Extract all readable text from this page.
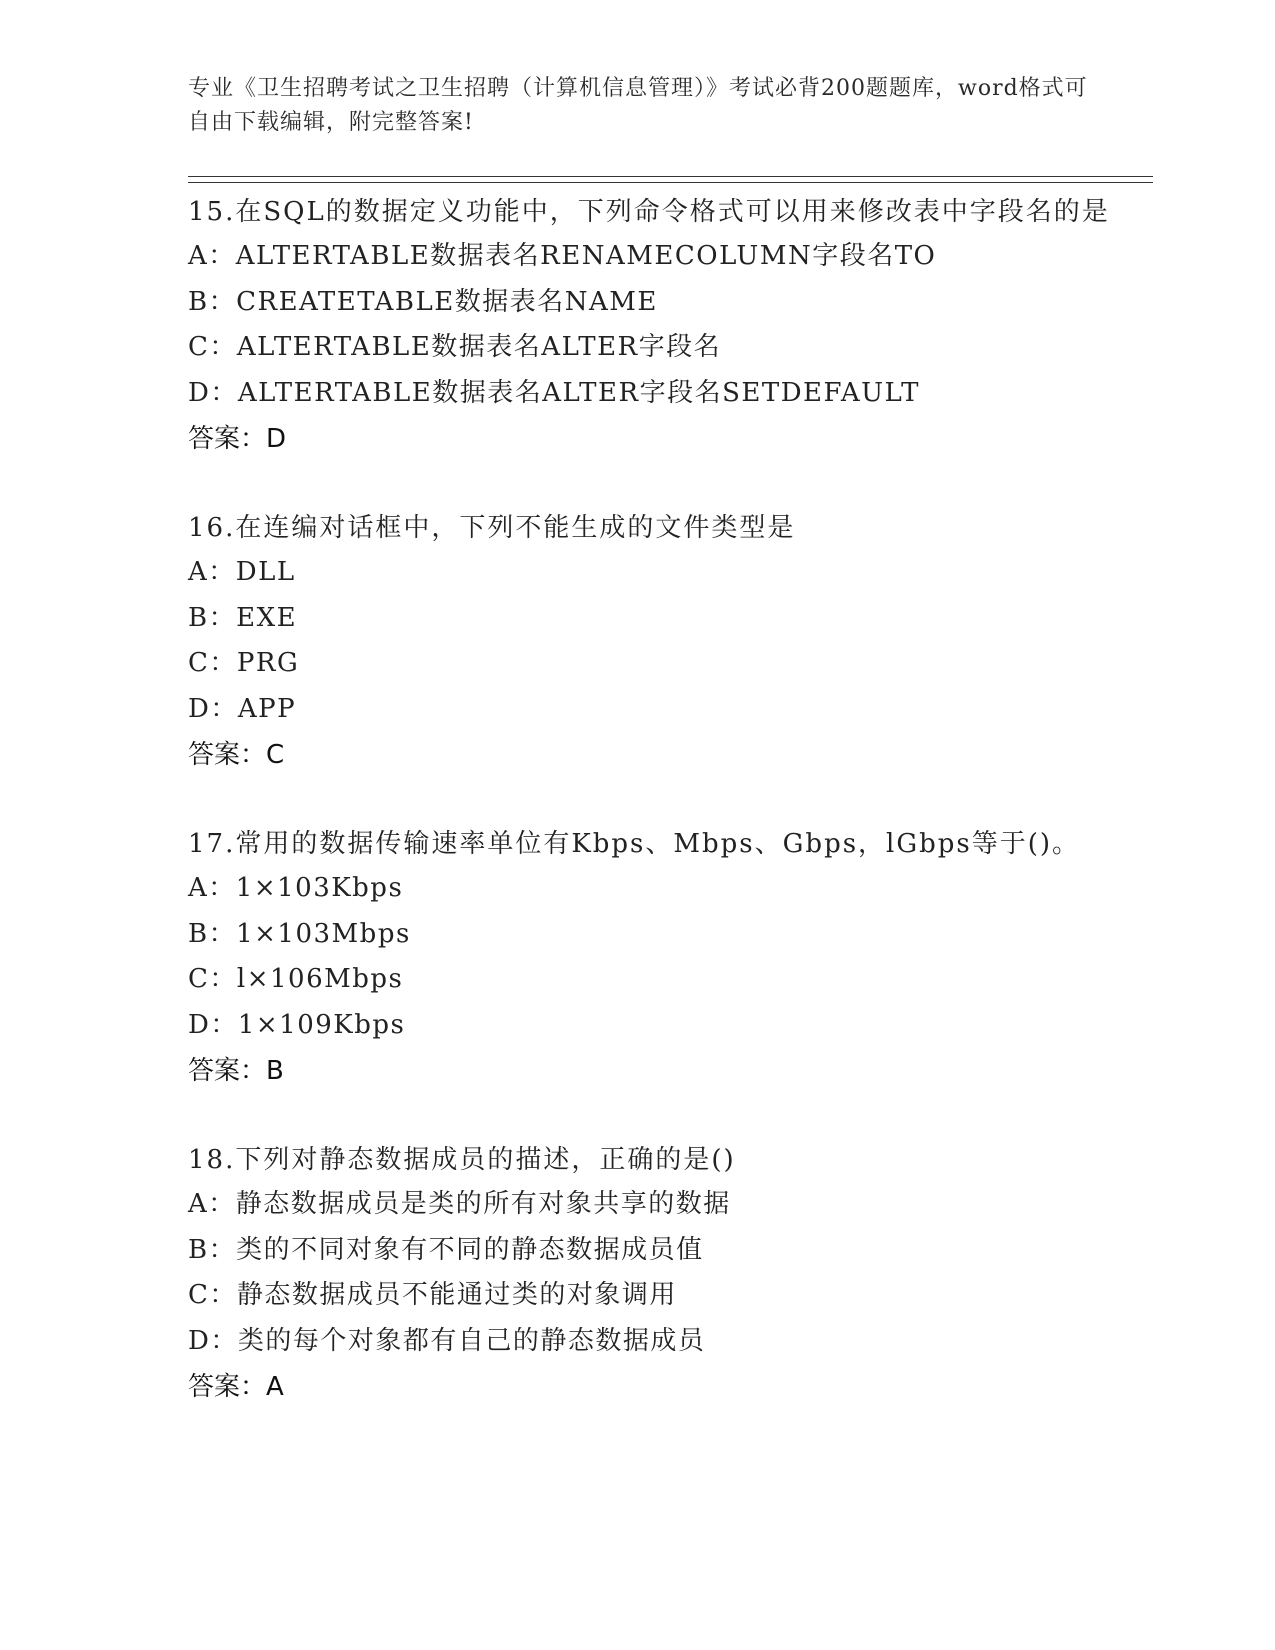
专业《卫生招聘考试之卫生招聘（计算机信息管理）》考试必背200题题库，word格式可自由下载编辑，附完整答案!
15.在SQL的数据定义功能中，下列命令格式可以用来修改表中字段名的是
A：ALTERTABLE数据表名RENAMECOLUMN字段名TO
B：CREATETABLE数据表名NAME
C：ALTERTABLE数据表名ALTER字段名
D：ALTERTABLE数据表名ALTER字段名SETDEFAULT
答案：D
16.在连编对话框中，下列不能生成的文件类型是
A：DLL
B：EXE
C：PRG
D：APP
答案：C
17.常用的数据传输速率单位有Kbps、Mbps、Gbps，lGbps等于()。
A：1×103Kbps
B：1×103Mbps
C：l×106Mbps
D：1×109Kbps
答案：B
18.下列对静态数据成员的描述，正确的是()
A：静态数据成员是类的所有对象共享的数据
B：类的不同对象有不同的静态数据成员值
C：静态数据成员不能通过类的对象调用
D：类的每个对象都有自己的静态数据成员
答案：A
